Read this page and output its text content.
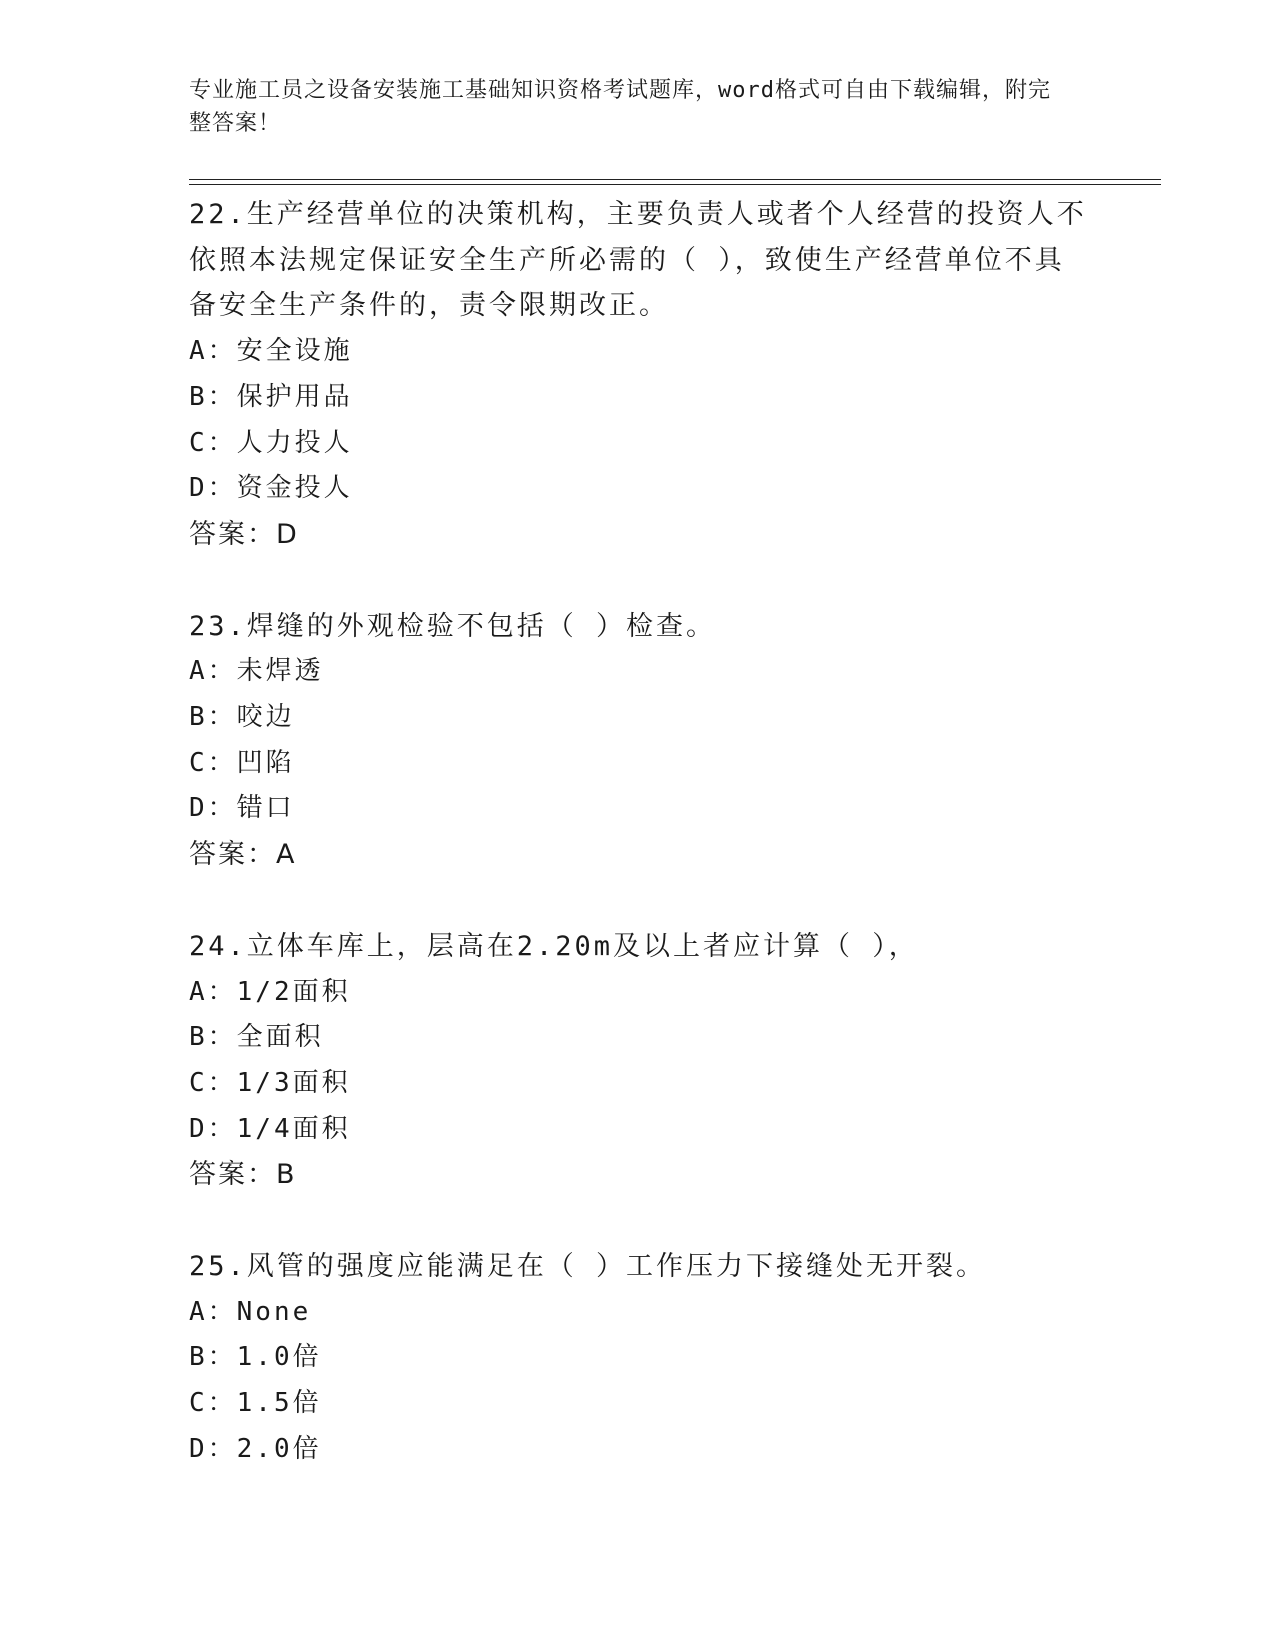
专业施工员之设备安装施工基础知识资格考试题库，word格式可自由下载编辑，附完整答案！
22.生产经营单位的决策机构，主要负责人或者个人经营的投资人不依照本法规定保证安全生产所必需的（ ），致使生产经营单位不具备安全生产条件的，责令限期改正。
A：安全设施
B：保护用品
C：人力投人
D：资金投人
答案：D
23.焊缝的外观检验不包括（ ）检查。
A：未焊透
B：咬边
C：凹陷
D：错口
答案：A
24.立体车库上，层高在2.20m及以上者应计算（ ），
A：1/2面积
B：全面积
C：1/3面积
D：1/4面积
答案：B
25.风管的强度应能满足在（ ）工作压力下接缝处无开裂。
A：None
B：1.0倍
C：1.5倍
D：2.0倍
